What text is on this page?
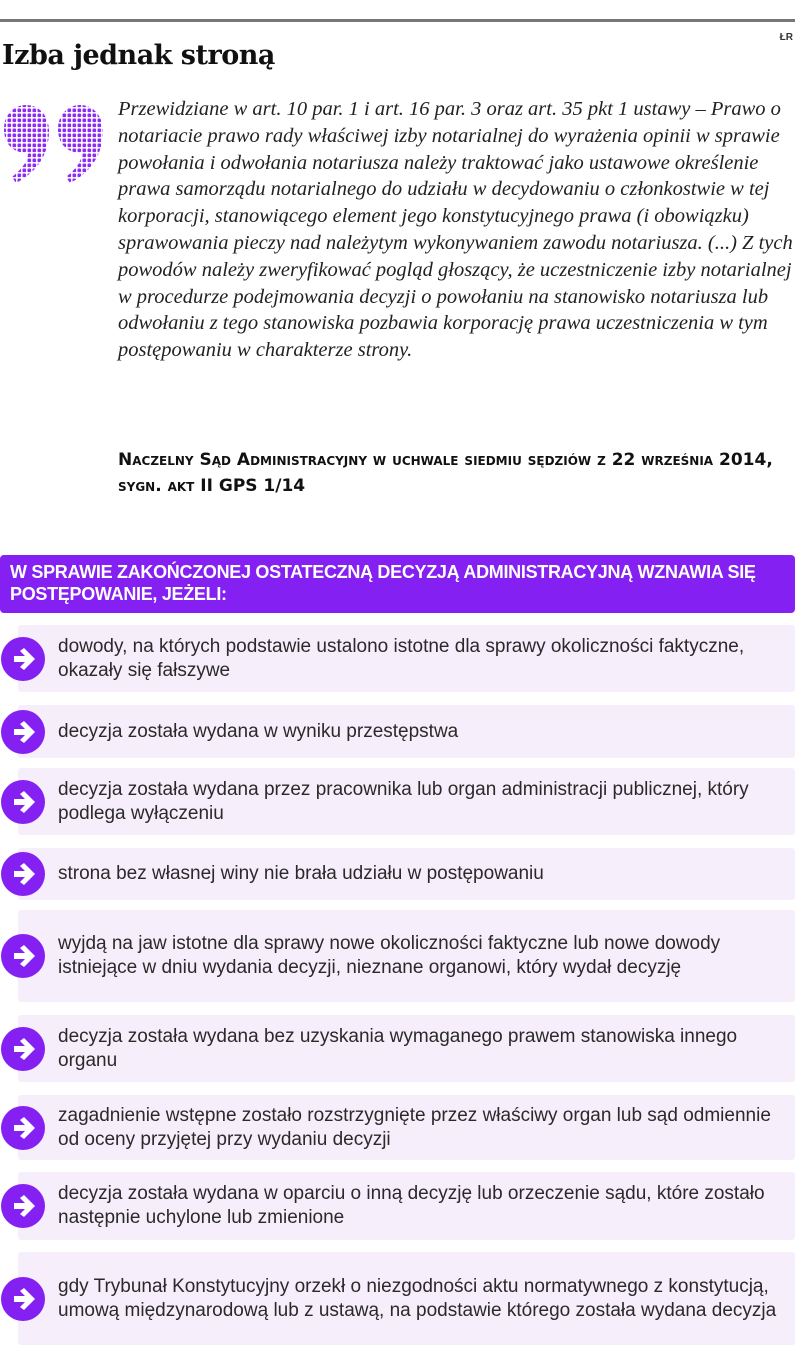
ŁR
Izba jednak stroną
Przewidziane w art. 10 par. 1 i art. 16 par. 3 oraz art. 35 pkt 1 ustawy – Prawo o notariacie prawo rady właściwej izby notarialnej do wyrażenia opinii w sprawie powołania i odwołania notariusza należy traktować jako ustawowe określenie prawa samorządu notarialnego do udziału w decydowaniu o członkostwie w tej korporacji, stanowiącego element jego konstytucyjnego prawa (i obowiązku) sprawowania pieczy nad należytym wykonywaniem zawodu notariusza. (...) Z tych powodów należy zweryfikować pogląd głoszący, że uczestniczenie izby notarialnej w procedurze podejmowania decyzji o powołaniu na stanowisko notariusza lub odwołaniu z tego stanowiska pozbawia korporację prawa uczestniczenia w tym postępowaniu w charakterze strony.
Naczelny Sąd Administracyjny w uchwale siedmiu sędziów z 22 września 2014, sygn. akt II GPS 1/14
W SPRAWIE ZAKOŃCZONEJ OSTATECZNĄ DECYZJĄ ADMINISTRACYJNĄ WZNAWIA SIĘ POSTĘPOWANIE, JEŻELI:
dowody, na których podstawie ustalono istotne dla sprawy okoliczności faktyczne, okazały się fałszywe
decyzja została wydana w wyniku przestępstwa
decyzja została wydana przez pracownika lub organ administracji publicznej, który podlega wyłączeniu
strona bez własnej winy nie brała udziału w postępowaniu
wyjdą na jaw istotne dla sprawy nowe okoliczności faktyczne lub nowe dowody istniejące w dniu wydania decyzji, nieznane organowi, który wydał decyzję
decyzja została wydana bez uzyskania wymaganego prawem stanowiska innego organu
zagadnienie wstępne zostało rozstrzygnięte przez właściwy organ lub sąd odmiennie od oceny przyjętej przy wydaniu decyzji
decyzja została wydana w oparciu o inną decyzję lub orzeczenie sądu, które zostało następnie uchylone lub zmienione
gdy Trybunał Konstytucyjny orzekł o niezgodności aktu normatywnego z konstytucją, umową międzynarodową lub z ustawą, na podstawie którego została wydana decyzja
